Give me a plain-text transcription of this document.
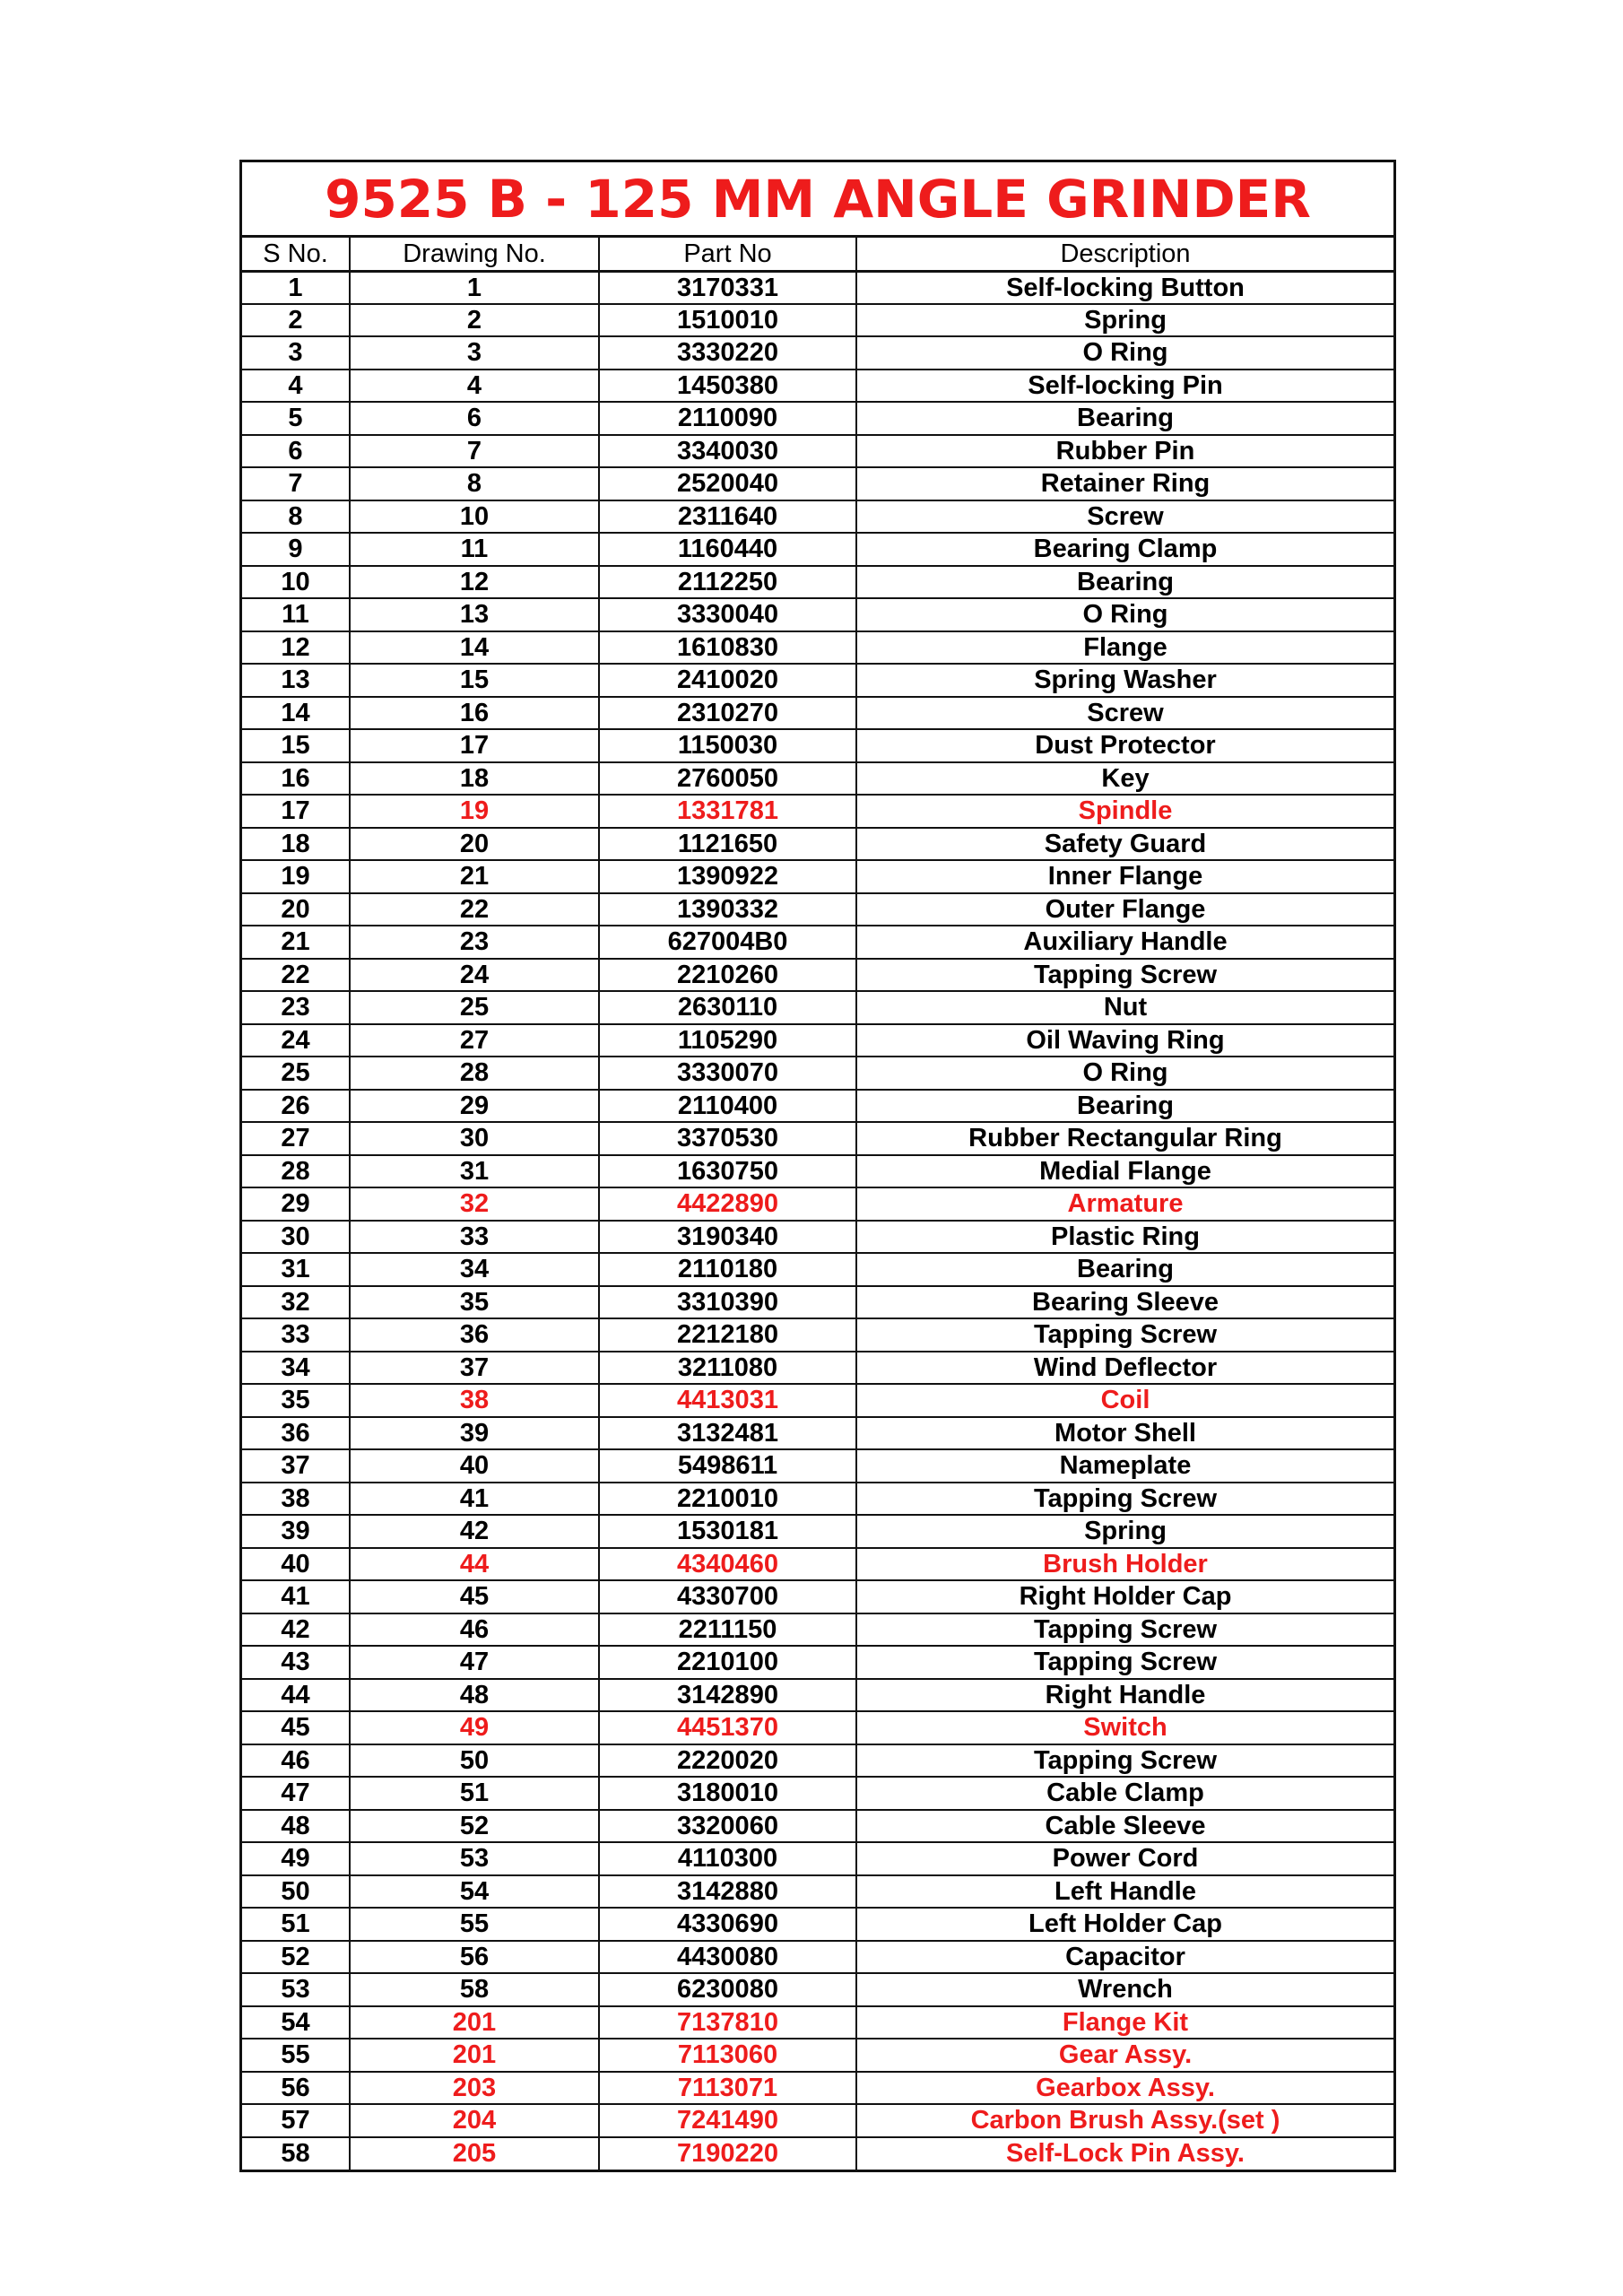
9525 B - 125 MM ANGLE GRINDER
S No.	Drawing No.	Part No	Description
1	1	3170331	Self-locking Button
2	2	1510010	Spring
3	3	3330220	O Ring
4	4	1450380	Self-locking Pin
5	6	2110090	Bearing
6	7	3340030	Rubber Pin
7	8	2520040	Retainer Ring
8	10	2311640	Screw
9	11	1160440	Bearing Clamp
10	12	2112250	Bearing
11	13	3330040	O Ring
12	14	1610830	Flange
13	15	2410020	Spring Washer
14	16	2310270	Screw
15	17	1150030	Dust Protector
16	18	2760050	Key
17	19	1331781	Spindle
18	20	1121650	Safety Guard
19	21	1390922	Inner Flange
20	22	1390332	Outer Flange
21	23	627004B0	Auxiliary Handle
22	24	2210260	Tapping Screw
23	25	2630110	Nut
24	27	1105290	Oil Waving Ring
25	28	3330070	O Ring
26	29	2110400	Bearing
27	30	3370530	Rubber Rectangular Ring
28	31	1630750	Medial Flange
29	32	4422890	Armature
30	33	3190340	Plastic Ring
31	34	2110180	Bearing
32	35	3310390	Bearing Sleeve
33	36	2212180	Tapping Screw
34	37	3211080	Wind Deflector
35	38	4413031	Coil
36	39	3132481	Motor Shell
37	40	5498611	Nameplate
38	41	2210010	Tapping Screw
39	42	1530181	Spring
40	44	4340460	Brush Holder
41	45	4330700	Right Holder Cap
42	46	2211150	Tapping Screw
43	47	2210100	Tapping Screw
44	48	3142890	Right Handle
45	49	4451370	Switch
46	50	2220020	Tapping Screw
47	51	3180010	Cable Clamp
48	52	3320060	Cable Sleeve
49	53	4110300	Power Cord
50	54	3142880	Left Handle
51	55	4330690	Left Holder Cap
52	56	4430080	Capacitor
53	58	6230080	Wrench
54	201	7137810	Flange Kit
55	201	7113060	Gear Assy.
56	203	7113071	Gearbox Assy.
57	204	7241490	Carbon Brush Assy.(set )
58	205	7190220	Self-Lock Pin Assy.
